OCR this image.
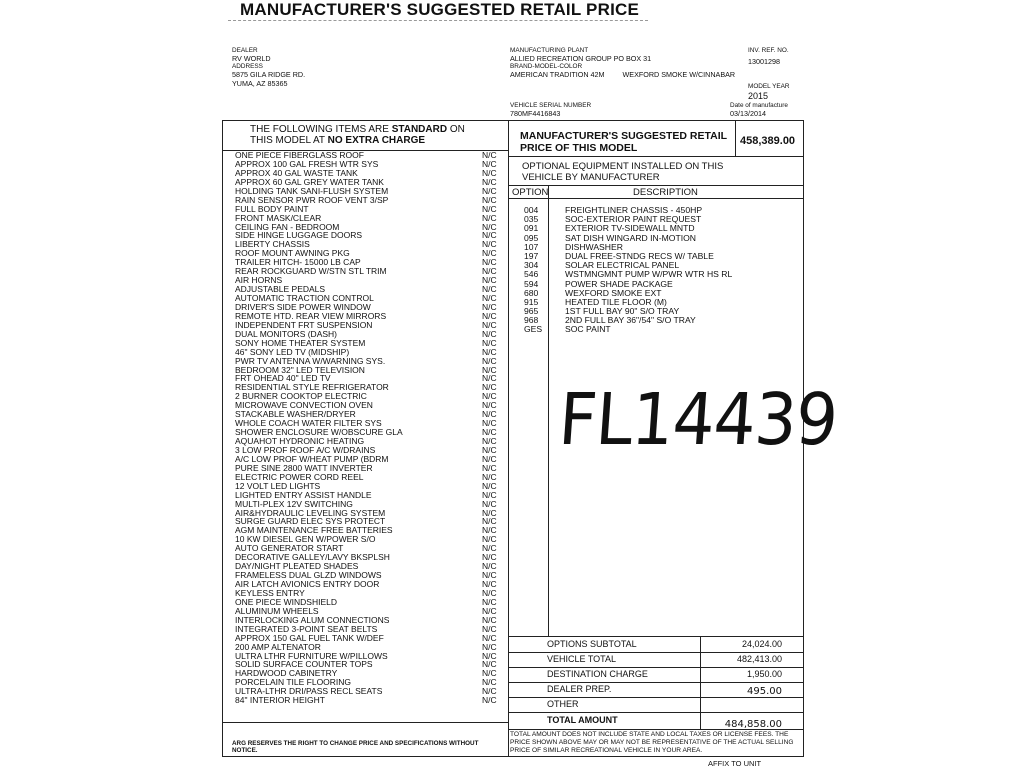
MANUFACTURER'S SUGGESTED RETAIL PRICE
DEALER
RV WORLD
ADDRESS
5875 GILA RIDGE RD.
YUMA, AZ 85365
MANUFACTURING PLANT
ALLIED RECREATION GROUP PO BOX 31
BRAND-MODEL-COLOR
AMERICAN TRADITION 42M	WEXFORD SMOKE W/CINNABAR
VEHICLE SERIAL NUMBER
780MF4416843
INV. REF. NO.
13001298
MODEL YEAR
2015
Date of manufacture
03/13/2014
THE FOLLOWING ITEMS ARE STANDARD ON
THIS MODEL AT NO EXTRA CHARGE
ONE PIECE FIBERGLASS ROOF	N/C
APPROX 100 GAL FRESH WTR SYS	N/C
APPROX 40 GAL WASTE TANK	N/C
APPROX 60 GAL GREY WATER TANK	N/C
HOLDING TANK SANI-FLUSH SYSTEM	N/C
RAIN SENSOR PWR ROOF VENT 3/SP	N/C
FULL BODY PAINT	N/C
FRONT MASK/CLEAR	N/C
CEILING FAN - BEDROOM	N/C
SIDE HINGE LUGGAGE DOORS	N/C
LIBERTY CHASSIS	N/C
ROOF MOUNT AWNING PKG	N/C
TRAILER HITCH- 15000 LB CAP	N/C
REAR ROCKGUARD W/STN STL TRIM	N/C
AIR HORNS	N/C
ADJUSTABLE PEDALS	N/C
AUTOMATIC TRACTION CONTROL	N/C
DRIVER'S SIDE POWER WINDOW	N/C
REMOTE HTD. REAR VIEW MIRRORS	N/C
INDEPENDENT FRT SUSPENSION	N/C
DUAL MONITORS (DASH)	N/C
SONY HOME THEATER SYSTEM	N/C
46" SONY LED TV (MIDSHIP)	N/C
PWR TV ANTENNA W/WARNING SYS.	N/C
BEDROOM 32" LED TELEVISION	N/C
FRT OHEAD 40" LED TV	N/C
RESIDENTIAL STYLE REFRIGERATOR	N/C
2 BURNER COOKTOP ELECTRIC	N/C
MICROWAVE CONVECTION OVEN	N/C
STACKABLE WASHER/DRYER	N/C
WHOLE COACH WATER FILTER SYS	N/C
SHOWER ENCLOSURE W/OBSCURE GLA	N/C
AQUAHOT HYDRONIC HEATING	N/C
3 LOW PROF ROOF A/C W/DRAINS	N/C
A/C LOW PROF W/HEAT PUMP (BDRM	N/C
PURE SINE 2800 WATT INVERTER	N/C
ELECTRIC POWER CORD REEL	N/C
12 VOLT LED LIGHTS	N/C
LIGHTED ENTRY ASSIST HANDLE	N/C
MULTI-PLEX 12V SWITCHING	N/C
AIR&HYDRAULIC LEVELING SYSTEM	N/C
SURGE GUARD ELEC SYS PROTECT	N/C
AGM MAINTENANCE FREE BATTERIES	N/C
10 KW DIESEL GEN W/POWER S/O	N/C
AUTO GENERATOR START	N/C
DECORATIVE GALLEY/LAVY BKSPLSH	N/C
DAY/NIGHT PLEATED SHADES	N/C
FRAMELESS DUAL GLZD WINDOWS	N/C
AIR LATCH AVIONICS ENTRY DOOR	N/C
KEYLESS ENTRY	N/C
ONE PIECE WINDSHIELD	N/C
ALUMINUM WHEELS	N/C
INTERLOCKING ALUM CONNECTIONS	N/C
INTEGRATED 3-POINT SEAT BELTS	N/C
APPROX 150 GAL FUEL TANK W/DEF	N/C
200 AMP ALTENATOR	N/C
ULTRA LTHR FURNITURE W/PILLOWS	N/C
SOLID SURFACE COUNTER TOPS	N/C
HARDWOOD CABINETRY	N/C
PORCELAIN TILE FLOORING	N/C
ULTRA-LTHR DRI/PASS RECL SEATS	N/C
84" INTERIOR HEIGHT	N/C
ARG RESERVES THE RIGHT TO CHANGE PRICE AND SPECIFICATIONS WITHOUT NOTICE.
MANUFACTURER'S SUGGESTED RETAIL
PRICE OF THIS MODEL
458,389.00
OPTIONAL EQUIPMENT INSTALLED ON THIS
VEHICLE BY MANUFACTURER
OPTION	DESCRIPTION
004	FREIGHTLINER CHASSIS - 450HP
035	SOC-EXTERIOR PAINT REQUEST
091	EXTERIOR TV-SIDEWALL MNTD
095	SAT DISH WINGARD IN-MOTION
107	DISHWASHER
197	DUAL FREE-STNDG RECS W/ TABLE
304	SOLAR ELECTRICAL PANEL
546	WSTMNGMNT PUMP W/PWR WTR HS RL
594	POWER SHADE PACKAGE
680	WEXFORD SMOKE EXT
915	HEATED TILE FLOOR (M)
965	1ST FULL BAY 90" S/O TRAY
968	2ND FULL BAY 36"/54" S/O TRAY
GES	SOC PAINT
FL14439
OPTIONS SUBTOTAL	24,024.00
VEHICLE TOTAL	482,413.00
DESTINATION CHARGE	1,950.00
DEALER PREP.	495.00
OTHER
TOTAL AMOUNT	484,858.00
TOTAL AMOUNT DOES NOT INCLUDE STATE AND LOCAL TAXES OR LICENSE FEES. THE PRICE SHOWN ABOVE MAY OR MAY NOT BE REPRESENTATIVE OF THE ACTUAL SELLING PRICE OF SIMILAR RECREATIONAL VEHICLE IN YOUR AREA.
AFFIX TO UNIT
